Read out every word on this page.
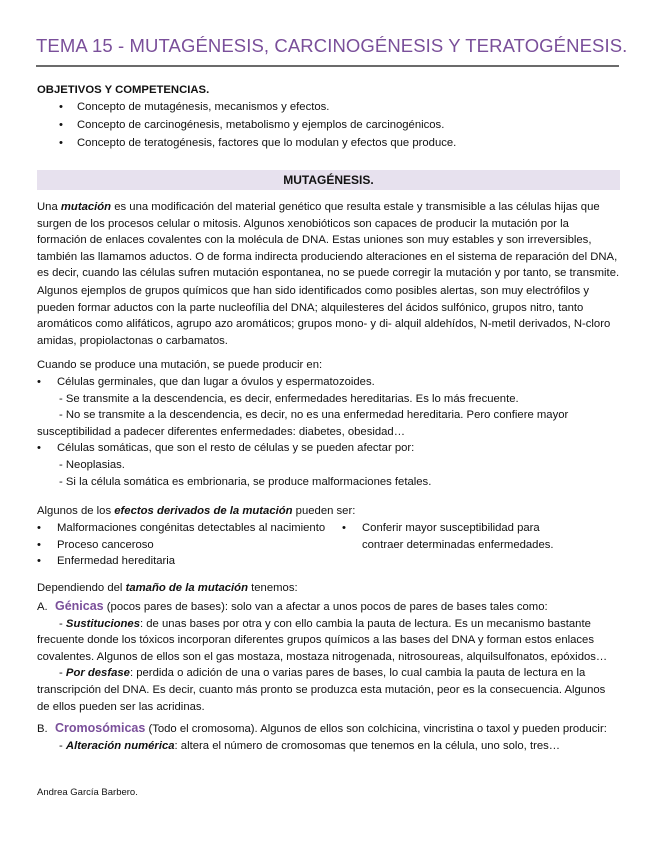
TEMA 15 - MUTAGÉNESIS, CARCINOGÉNESIS Y TERATOGÉNESIS.
OBJETIVOS Y COMPETENCIAS.
• Concepto de mutagénesis, mecanismos y efectos.
• Concepto de carcinogénesis, metabolismo y ejemplos de carcinogénicos.
• Concepto de teratogénesis, factores que lo modulan y efectos que produce.
MUTAGÉNESIS.
Una mutación es una modificación del material genético que resulta estale y transmisible a las células hijas que surgen de los procesos celular o mitosis. Algunos xenobióticos son capaces de producir la mutación por la formación de enlaces covalentes con la molécula de DNA. Estas uniones son muy estables y son irreversibles, también las llamamos aductos. O de forma indirecta produciendo alteraciones en el sistema de reparación del DNA, es decir, cuando las células sufren mutación espontanea, no se puede corregir la mutación y por tanto, se transmite.
Algunos ejemplos de grupos químicos que han sido identificados como posibles alertas, son muy electrófilos y pueden formar aductos con la parte nucleofília del DNA; alquilesteres del ácidos sulfónico, grupos nitro, tanto aromáticos como alifáticos, agrupo azo aromáticos; grupos mono- y di- alquil aldehídos, N-metil derivados, N-cloro amidas, propiolactonas o carbamatos.
Cuando se produce una mutación, se puede producir en:
• Células germinales, que dan lugar a óvulos y espermatozoides.
- Se transmite a la descendencia, es decir, enfermedades hereditarias. Es lo más frecuente.
- No se transmite a la descendencia, es decir, no es una enfermedad hereditaria. Pero confiere mayor susceptibilidad a padecer diferentes enfermedades: diabetes, obesidad…
• Células somáticas, que son el resto de células y se pueden afectar por:
- Neoplasias.
- Si la célula somática es embrionaria, se produce malformaciones fetales.
Algunos de los efectos derivados de la mutación pueden ser:
• Malformaciones congénitas detectables al nacimiento
• Proceso canceroso
• Enfermedad hereditaria
• Conferir mayor susceptibilidad para contraer determinadas enfermedades.
Dependiendo del tamaño de la mutación tenemos:
A. Génicas (pocos pares de bases): solo van a afectar a unos pocos de pares de bases tales como:
- Sustituciones: de unas bases por otra y con ello cambia la pauta de lectura. Es un mecanismo bastante frecuente donde los tóxicos incorporan diferentes grupos químicos a las bases del DNA y forman estos enlaces covalentes. Algunos de ellos son el gas mostaza, mostaza nitrogenada, nitrosoureas, alquilsulfonatos, epóxidos…
- Por desfase: perdida o adición de una o varias pares de bases, lo cual cambia la pauta de lectura en la transcripción del DNA. Es decir, cuanto más pronto se produzca esta mutación, peor es la consecuencia. Algunos de ellos pueden ser las acridinas.
B. Cromosómicas (Todo el cromosoma). Algunos de ellos son colchicina, vincristina o taxol y pueden producir:
- Alteración numérica: altera el número de cromosomas que tenemos en la célula, uno solo, tres…
Andrea García Barbero.
